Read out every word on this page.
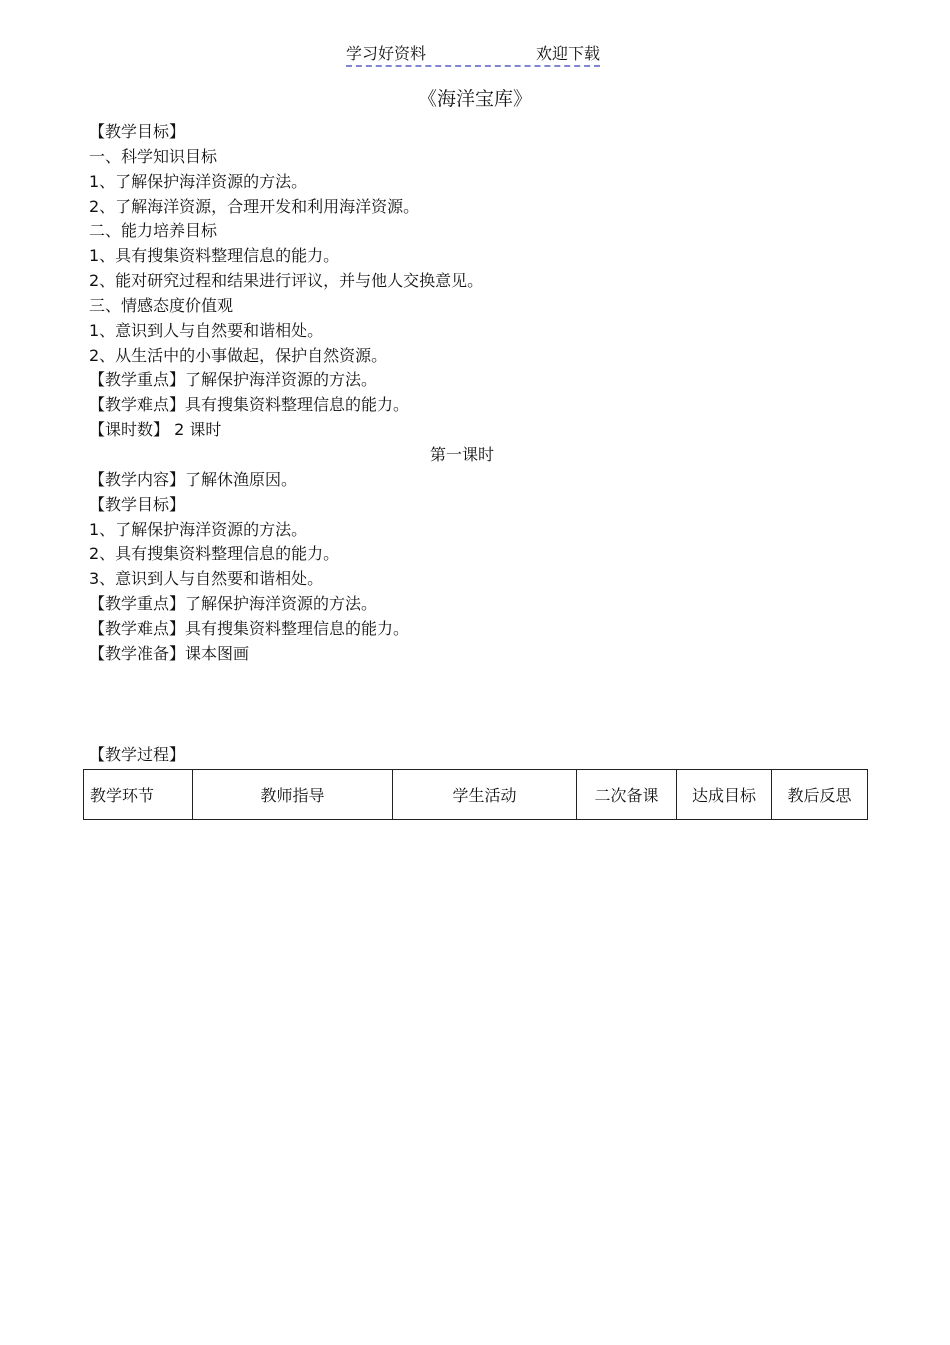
学习好资料	欢迎下载
《海洋宝库》
【教学目标】
一、科学知识目标
1、了解保护海洋资源的方法。
2、了解海洋资源，合理开发和利用海洋资源。
二、能力培养目标
1、具有搜集资料整理信息的能力。
2、能对研究过程和结果进行评议，并与他人交换意见。
三、情感态度价值观
1、意识到人与自然要和谐相处。
2、从生活中的小事做起，保护自然资源。
【教学重点】了解保护海洋资源的方法。
【教学难点】具有搜集资料整理信息的能力。
【课时数】 2 课时
第一课时
【教学内容】了解休渔原因。
【教学目标】
1、了解保护海洋资源的方法。
2、具有搜集资料整理信息的能力。
3、意识到人与自然要和谐相处。
【教学重点】了解保护海洋资源的方法。
【教学难点】具有搜集资料整理信息的能力。
【教学准备】课本图画
【教学过程】
教学环节	教师指导	学生活动	二次备课	达成目标	教后反思
